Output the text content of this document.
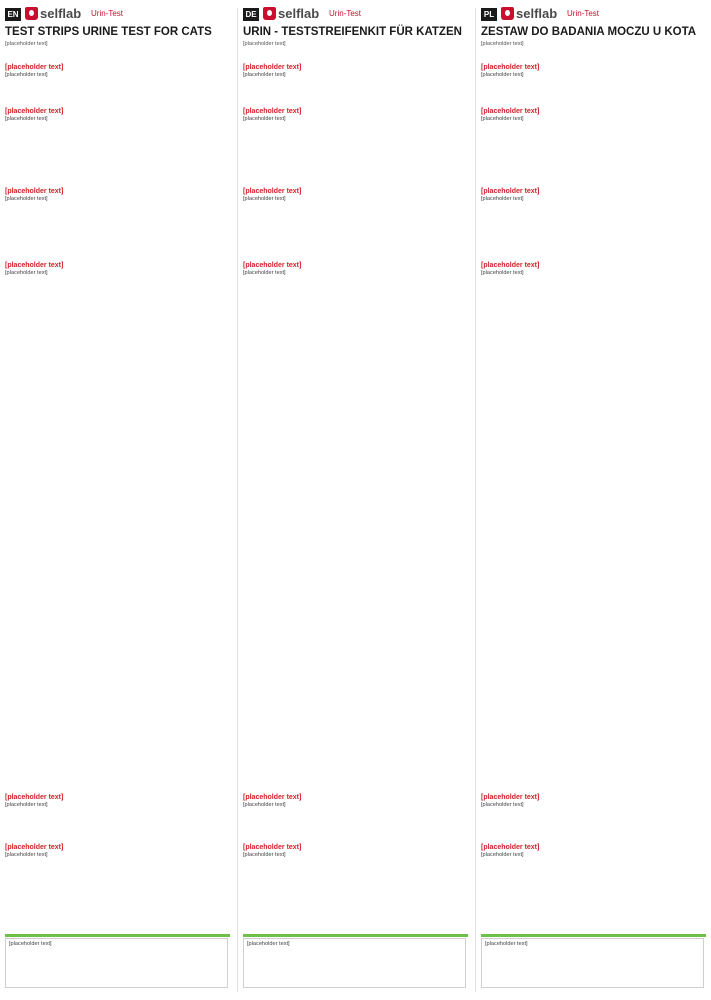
EN selflab Urin-Test
TEST STRIPS URINE TEST FOR CATS

[placeholder text]

[placeholder text]

[placeholder text]

[placeholder text]

[placeholder text]

[placeholder text]

[placeholder text]

[placeholder text]

[placeholder text]

[placeholder text]

[placeholder text]

[placeholder text]

[placeholder text]

[placeholder text]
DE selflab Urin-Test
URIN - TESTSTREIFENKIT FÜR KATZEN

[placeholder text]

[placeholder text]

[placeholder text]

[placeholder text]

[placeholder text]

[placeholder text]

[placeholder text]

[placeholder text]

[placeholder text]

[placeholder text]

[placeholder text]

[placeholder text]

[placeholder text]

[placeholder text]
PL selflab Urin-Test
ZESTAW DO BADANIA MOCZU U KOTA

[placeholder text]

[placeholder text]

[placeholder text]

[placeholder text]

[placeholder text]

[placeholder text]

[placeholder text]

[placeholder text]

[placeholder text]

[placeholder text]

[placeholder text]

[placeholder text]

[placeholder text]

[placeholder text]
